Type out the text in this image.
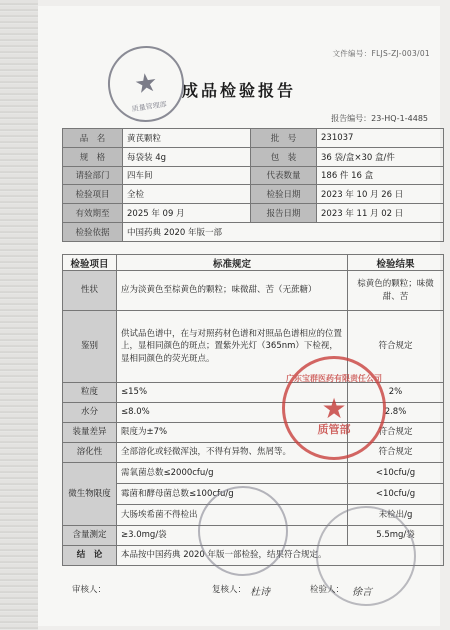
文件编号：FLJS-ZJ-003/01
★
质量管理部
成品检验报告
报告编号：23-HQ-1-4485
品　名	黄芪颗粒	批　号	231037
规　格	每袋装 4g	包　装	36 袋/盒×30 盒/件
请验部门	四车间	代表数量	186 件 16 盒
检验项目	全检	检验日期	2023 年 10 月 26 日
有效期至	2025 年 09 月	报告日期	2023 年 11 月 02 日
检验依据	中国药典 2020 年版一部		
检验项目	标准规定	检验结果
性状	应为淡黄色至棕黄色的颗粒；味微甜、苦（无蔗糖）	棕黄色的颗粒；味微甜、苦
鉴别	供试品色谱中，在与对照药材色谱和对照品色谱相应的位置上，显相同颜色的斑点；置紫外光灯（365nm）下检视，显相同颜色的荧光斑点。	符合规定
粒度	≤15%	2%
水分	≤8.0%	2.8%
装量差异	限度为±7%	符合规定
溶化性	全部溶化或轻微浑浊，不得有异物、焦屑等。	符合规定
微生物限度	需氧菌总数≤2000cfu/g	<10cfu/g
	霉菌和酵母菌总数≤100cfu/g	<10cfu/g
	大肠埃希菌不得检出	未检出/g
含量测定	≥3.0mg/袋	5.5mg/袋
结　论	本品按中国药典 2020 年版一部检验，结果符合规定。	
广东宝群医药有限责任公司
★
质管部
审核人：	复核人： 杜诗	检验人： 徐言
